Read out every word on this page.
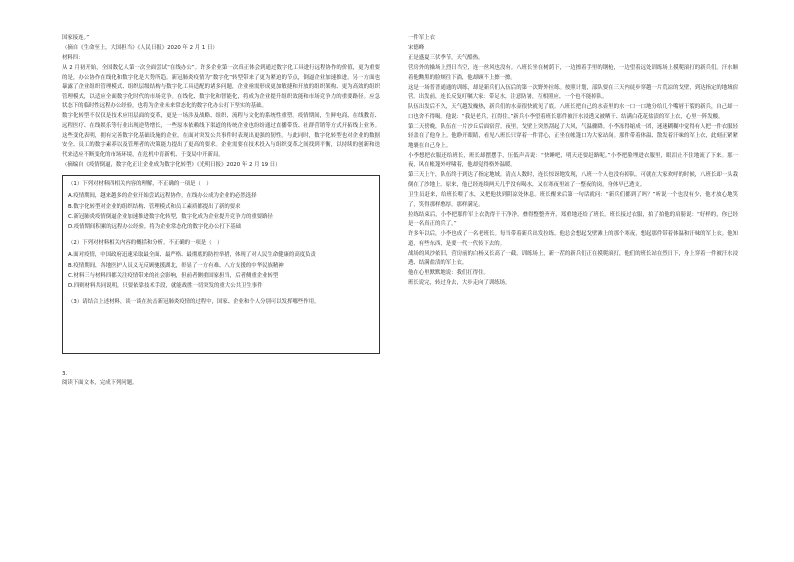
国家接连。”

（摘自《生命至上，大国担当》《人民日报》2020 年 2 月 1 日）

材料四：

从 2 月初开始，全国数亿人第一次全面尝试“在线办公”。许多企业第一次真正体会到通过数字化工具进行远程协作的价值，更为重要的是，办公协作在线化和数字化是大势所趋。新冠肺炎疫情为“数字化”转型带来了更为紧迫的节点，倒逼企业加速推进。另一方面也暴露了企业组织管理模式、组织层级结构与数字化工具适配的诸多问题，企业亟需形成更加敏捷和开放的组织架构、更为高效的组织管理模式，以适应全面数字化时代的市场竞争。在线化、数字化和智能化，将成为企业提升组织效能和市场竞争力的重要路径。应急状态下的临时性远程办公经验，也将为企业未来常态化的数字化办公打下坚实的基础。

数字化转型不仅仅是技术应用层面的变革，更是一场涉及战略、组织、流程与文化的系统性重塑。疫情期间，生鲜电商、在线教育、远程医疗、在线娱乐等行业出现逆势增长，一些原本依赖线下渠道的传统企业也纷纷通过直播带货、社群营销等方式开拓线上业务。这些变化表明，拥有完善数字化基础设施的企业，在面对突发公共事件时表现出更强的韧性。与此同时，数字化转型也对企业的数据安全、员工的数字素养以及管理者的决策能力提出了更高的要求。企业需要在技术投入与组织变革之间找到平衡，以持续的创新和迭代来适应不断变化的市场环境，在危机中育新机、于变局中开新局。

（摘编自《疫情倒逼，数字化正让企业成为数字化转型》《光明日报》2020 年 2 月 19 日）

（1）下列对材料四相关内容的理解，不正确的一项是（　）

A.疫情期间，越来越多的企业开始尝试远程协作，在线办公成为企业的必然选择

B.数字化转型对企业的组织结构、管理模式和员工素质都提出了新的要求

C.新冠肺炎疫情倒逼企业加速推进数字化转型，数字化成为企业提升竞争力的重要路径

D.疫情期间积累的远程办公经验，将为企业常态化的数字化办公打下基础

（2）下列对材料相关内容的概括和分析，不正确的一项是（　）

A.面对疫情，中国政府迅速采取最全面、最严格、最彻底的防控举措，体现了对人民生命健康的高度负责

B.疫情期间，各地医护人员义无反顾驰援湖北，彰显了一方有难、八方支援的中华民族精神

C.材料三与材料四都关注疫情带来的社会影响，但前者侧重国家担当，后者侧重企业转型

D.四则材料共同说明，只要依靠技术手段，就能战胜一切突发的重大公共卫生事件

（3）请结合上述材料，谈一谈在抗击新冠肺炎疫情的过程中，国家、企业和个人分别可以发挥哪些作用。

3.

阅读下面文本，完成下列问题。

一件军上衣

宋德峰

正是盛夏三伏季节，天气酷热。

营房外的操场上烈日当空，连一丝风也没有。八班长坐在树荫下，一边擦着手里的钢枪，一边望着远处训练场上摸爬滚打的新兵们。汗水顺着他黝黑的脸颊往下淌，他却顾不上擦一擦。

这是一场普普通通的训练，却是新兵们入伍后的第一次野外拉练。按照计划，部队要在三天内徒步穿越一片荒凉的戈壁，到达指定的地域宿营。出发前，连长反复叮嘱大家：带足水，注意防暑，互相照应，一个也不能掉队。

队伍出发后不久，天气越发燥热，新兵们的水壶很快就见了底。八班长把自己的水壶里的水一口一口地分给几个嘴唇干裂的新兵，自己却一口也舍不得喝。他说：“我是老兵，扛得住。”新兵小李望着班长那件被汗水浸透又被晒干、结满白花花盐渍的军上衣，心里一阵发酸。

第二天傍晚，队伍在一片沙丘后面宿营。夜里，戈壁上突然刮起了大风，气温骤降。小李冻得缩成一团，迷迷糊糊中觉得有人把一件衣服轻轻盖在了他身上。他睁开眼睛，看见八班长只穿着一件背心，正坐在帐篷口为大家站岗。那件带着体温、散发着汗味的军上衣，此刻正紧紧地裹在自己身上。

小李想把衣服还给班长，班长却摆摆手，压低声音说：“快睡吧，明天还要赶路呢。”小李把脸埋进衣服里，眼泪止不住地流了下来。那一夜，风在帐篷外呼啸着，他却觉得格外温暖。

第三天上午，队伍终于到达了指定地域。清点人数时，连长惊讶地发现，八班一个人也没有掉队。可就在大家欢呼的时候，八班长却一头栽倒在了沙地上。原来，他已经连续两天几乎没有喝水，又在寒夜里站了一整夜的岗，身体早已透支。

卫生员赶来，给班长喂了水，又把他扶到阴凉处休息。班长醒来后第一句话就问：“新兵们都到了吗？”听说一个也没有少，他才放心地笑了，笑得那样憨厚，那样满足。

拉练结束后，小李把那件军上衣洗得干干净净，叠得整整齐齐，郑重地还给了班长。班长接过衣服，拍了拍他的肩膀说：“好样的，你已经是一名真正的兵了。”

许多年以后，小李也成了一名老班长。每当带着新兵出发拉练，他总会想起戈壁滩上的那个寒夜，想起那件带着体温和汗味的军上衣。他知道，有些东西，是要一代一代传下去的。

战场的风沙依旧，营房前的白杨又长高了一截。训练场上，新一茬的新兵们正在摸爬滚打，他们的班长站在烈日下，身上穿着一件被汗水浸透、结满盐渍的军上衣。

他在心里默默地说：我们扛得住。

班长说完，转过身去，大步走向了训练场。
